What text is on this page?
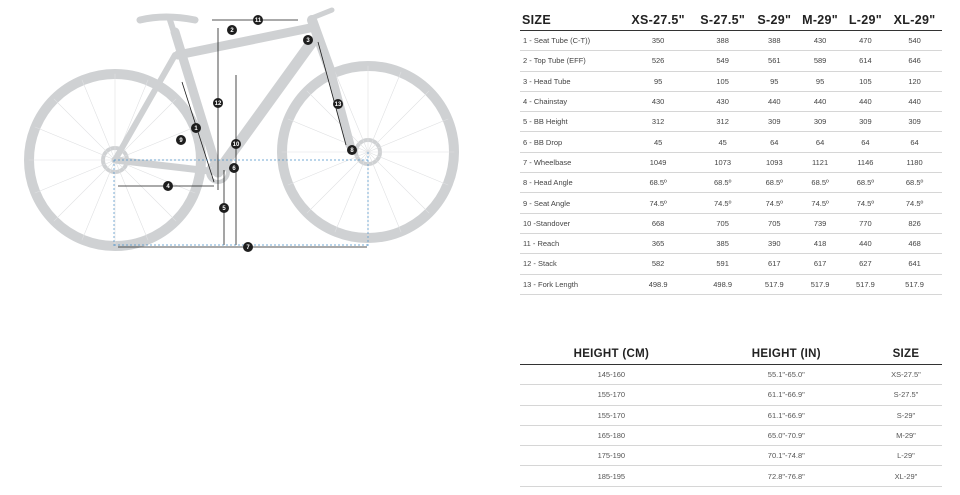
1
2
3
4
5
6
7
8
9
10
11
12	13
SIZE	XS-27.5"	S-27.5"	S-29"	M-29"	L-29"	XL-29"
1 - Seat Tube (C-T))	350	388	388	430	470	540
2 - Top Tube (EFF)	526	549	561	589	614	646
3 - Head Tube	95	105	95	95	105	120
4 - Chainstay	430	430	440	440	440	440
5 - BB Height	312	312	309	309	309	309
6 - BB Drop	45	45	64	64	64	64
7 - Wheelbase	1049	1073	1093	1121	1146	1180
8 - Head Angle	68.5º	68.5º	68.5º	68.5º	68.5º	68.5º
9 - Seat Angle	74.5º	74.5º	74.5º	74.5º	74.5º	74.5º
10 -Standover	668	705	705	739	770	826
11 - Reach	365	385	390	418	440	468
12 - Stack	582	591	617	617	627	641
13 - Fork Length	498.9	498.9	517.9	517.9	517.9	517.9
HEIGHT (CM)	HEIGHT (IN)	SIZE
145-160	55.1"-65.0"	XS-27.5"
155-170	61.1"-66.9"	S-27.5"
155-170	61.1"-66.9"	S-29"
165-180	65.0"-70.9"	M-29"
175-190	70.1"-74.8"	L-29"
185-195	72.8"-76.8"	XL-29"
